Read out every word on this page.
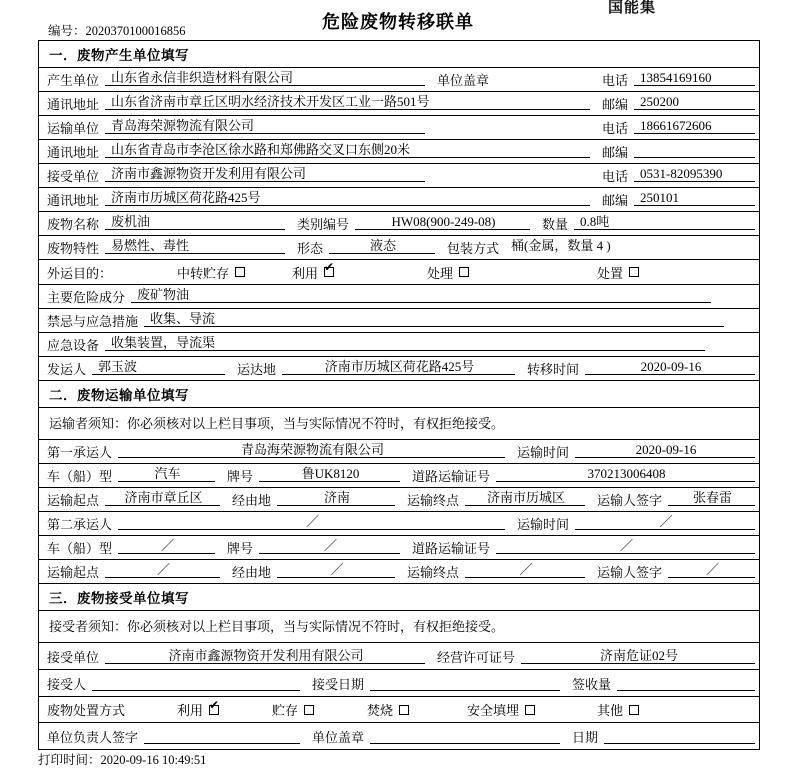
国能集
编号：2020370100016856	危险废物转移联单
一．废物产生单位填写
产生单位 山东省永信非织造材料有限公司	单位盖章	电话 13854169160
通讯地址 山东省济南市章丘区明水经济技术开发区工业一路501号	邮编 250200
运输单位 青岛海荣源物流有限公司	电话 18661672606
通讯地址 山东省青岛市李沧区徐水路和郑佛路交叉口东侧20米	邮编
接受单位 济南市鑫源物资开发利用有限公司	电话 0531-82095390
通讯地址 济南市历城区荷花路425号	邮编 250101
废物名称 废机油	类别编号	HW08(900-249-08)	数量 0.8吨
废物特性 易燃性、毒性	形态	液态	包装方式 桶(金属，数量 4 )
外运目的：	中转贮存	利用 ✔	处理	处置
主要危险成分 废矿物油
禁忌与应急措施 收集、导流
应急设备 收集装置，导流渠
发运人 郭玉波	运达地	济南市历城区荷花路425号	转移时间	2020-09-16
二．废物运输单位填写
运输者须知：你必须核对以上栏目事项，当与实际情况不符时，有权拒绝接受。
第一承运人	青岛海荣源物流有限公司	运输时间	2020-09-16
车（船）型	汽车	牌号	鲁UK8120	道路运输证号	370213006408
运输起点	济南市章丘区	经由地	济南	运输终点	济南市历城区	运输人签字	张春雷
第二承运人	／	运输时间	／
车（船）型	／	牌号	／	道路运输证号	／
运输起点	／	经由地	／	运输终点	／	运输人签字	／
三．废物接受单位填写
接受者须知：你必须核对以上栏目事项，当与实际情况不符时，有权拒绝接受。
接受单位	济南市鑫源物资开发利用有限公司	经营许可证号	济南危证02号
接受人	接受日期	签收量
废物处置方式	利用 ✔	贮存	焚烧	安全填埋	其他
单位负责人签字	单位盖章	日期
打印时间：2020-09-16 10:49:51
